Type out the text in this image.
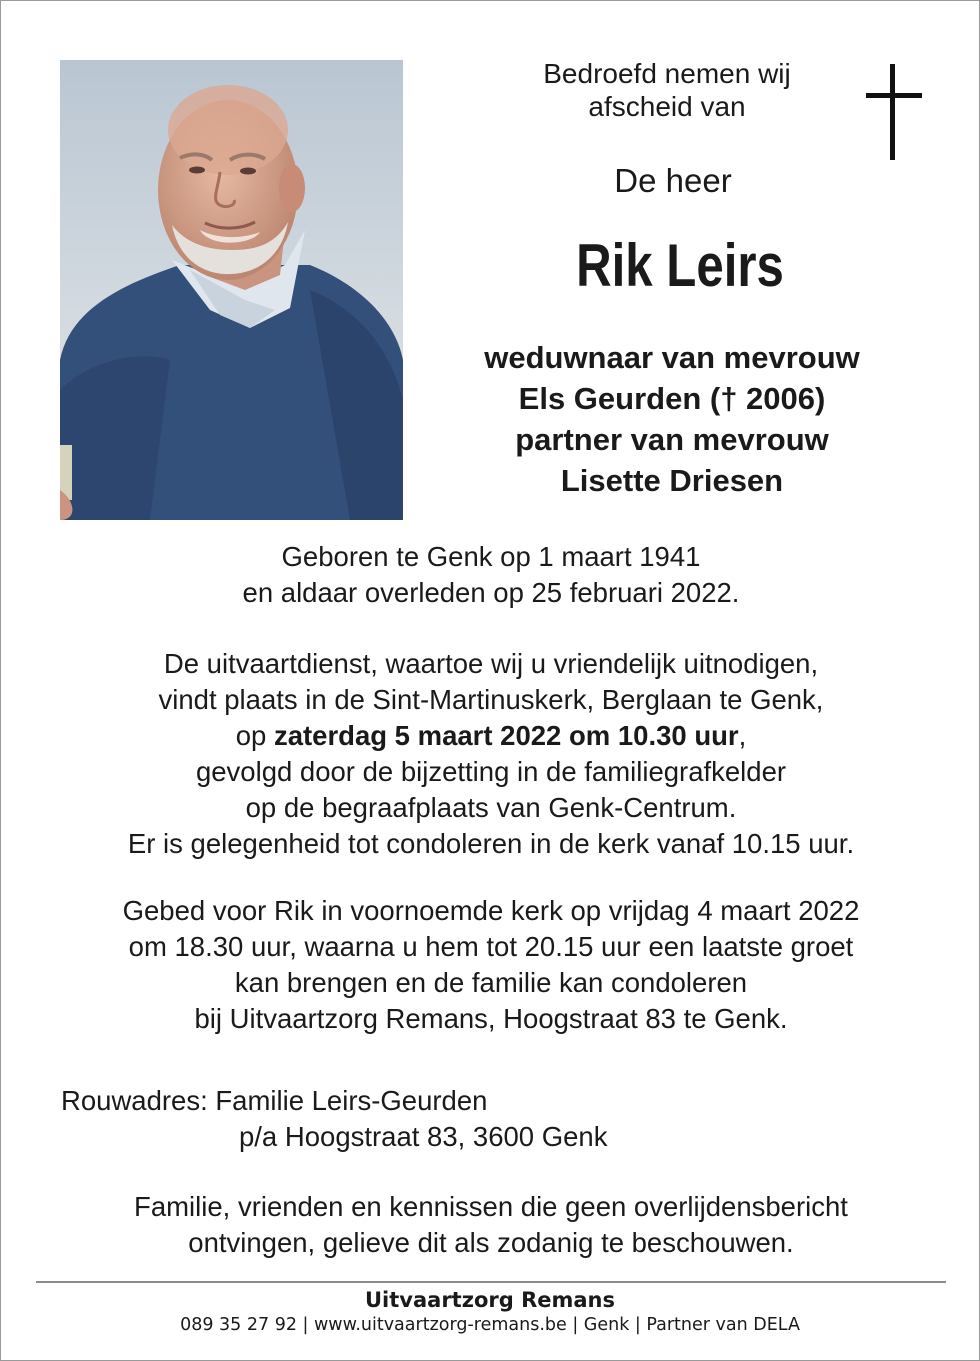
Bedroefd nemen wij
afscheid van
De heer
Rik Leirs
weduwnaar van mevrouw
Els Geurden († 2006)
partner van mevrouw
Lisette Driesen
Geboren te Genk op 1 maart 1941
en aldaar overleden op 25 februari 2022.
De uitvaartdienst, waartoe wij u vriendelijk uitnodigen,
vindt plaats in de Sint-Martinuskerk, Berglaan te Genk,
op zaterdag 5 maart 2022 om 10.30 uur,
gevolgd door de bijzetting in de familiegrafkelder
op de begraafplaats van Genk-Centrum.
Er is gelegenheid tot condoleren in de kerk vanaf 10.15 uur.
Gebed voor Rik in voornoemde kerk op vrijdag 4 maart 2022
om 18.30 uur, waarna u hem tot 20.15 uur een laatste groet
kan brengen en de familie kan condoleren
bij Uitvaartzorg Remans, Hoogstraat 83 te Genk.
Rouwadres: Familie Leirs-Geurden
p/a Hoogstraat 83, 3600 Genk
Familie, vrienden en kennissen die geen overlijdensbericht
ontvingen, gelieve dit als zodanig te beschouwen.
Uitvaartzorg Remans
089 35 27 92 | www.uitvaartzorg-remans.be | Genk | Partner van DELA
